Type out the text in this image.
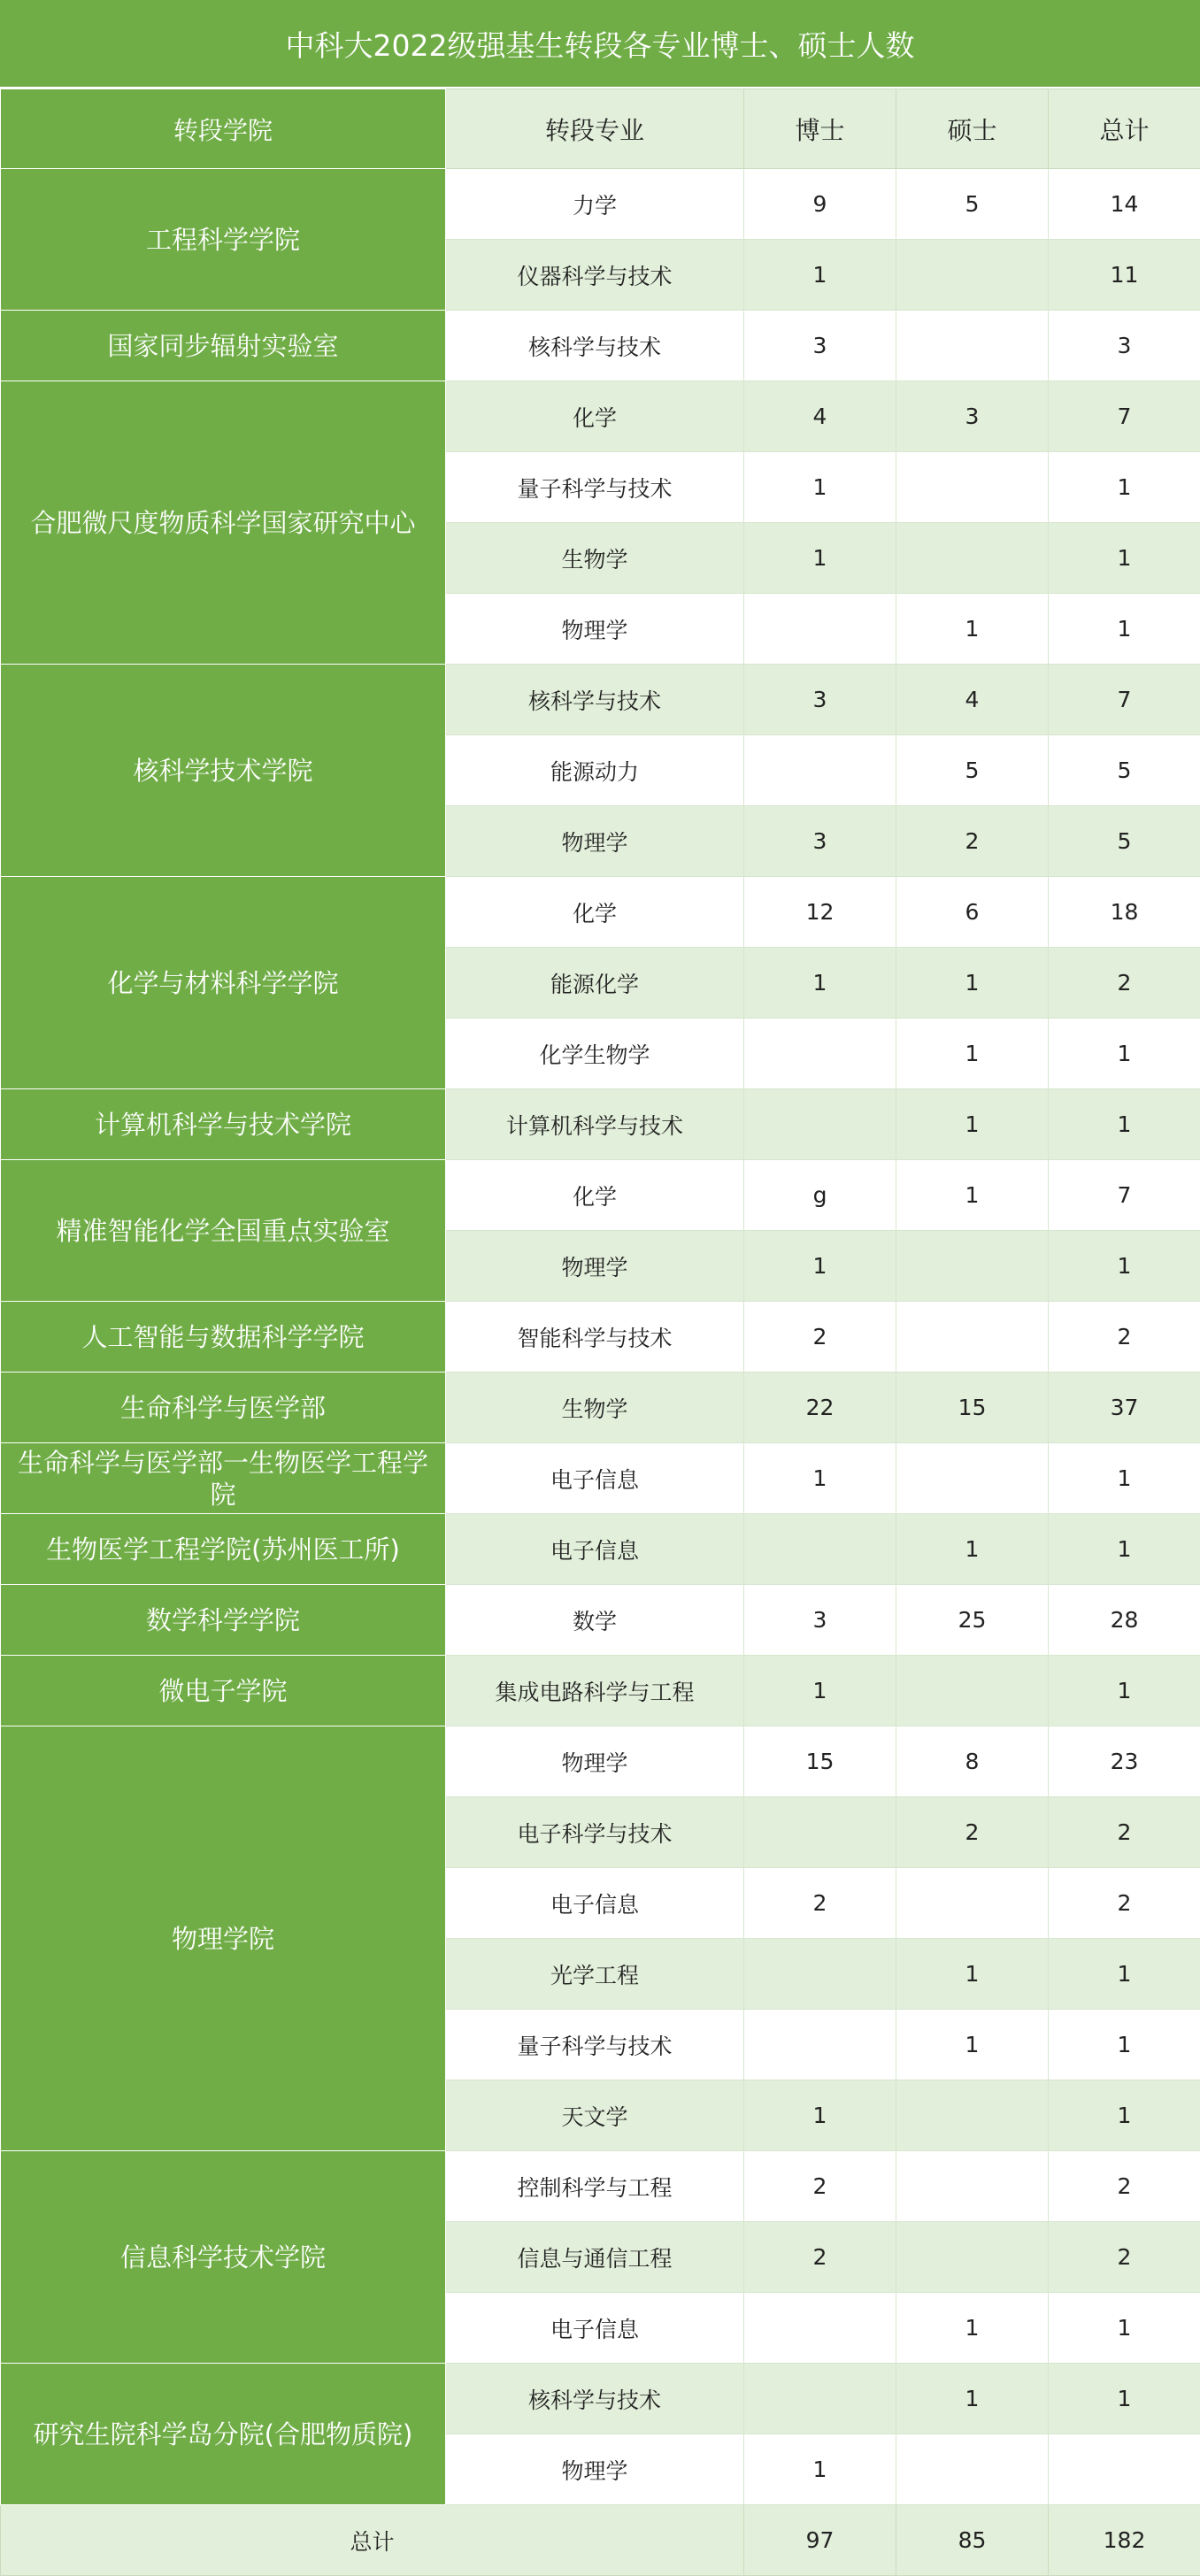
中科大2022级强基生转段各专业博士、硕士人数
转段学院	转段专业	博士	硕士	总计
工程科学学院	力学	9	5	14
	仪器科学与技术	1		11
国家同步辐射实验室	核科学与技术	3		3
合肥微尺度物质科学国家研究中心	化学	4	3	7
	量子科学与技术	1		1
	生物学	1		1
	物理学		1	1
核科学技术学院	核科学与技术	3	4	7
	能源动力		5	5
	物理学	3	2	5
化学与材料科学学院	化学	12	6	18
	能源化学	1	1	2
	化学生物学		1	1
计算机科学与技术学院	计算机科学与技术		1	1
精准智能化学全国重点实验室	化学	g	1	7
	物理学	1		1
人工智能与数据科学学院	智能科学与技术	2		2
生命科学与医学部	生物学	22	15	37
生命科学与医学部一生物医学工程学院	电子信息	1		1
生物医学工程学院(苏州医工所)	电子信息		1	1
数学科学学院	数学	3	25	28
微电子学院	集成电路科学与工程	1		1
物理学院	物理学	15	8	23
	电子科学与技术		2	2
	电子信息	2		2
	光学工程		1	1
	量子科学与技术		1	1
	天文学	1		1
信息科学技术学院	控制科学与工程	2		2
	信息与通信工程	2		2
	电子信息		1	1
研究生院科学岛分院(合肥物质院)	核科学与技术		1	1
	物理学	1		
总计		97	85	182
